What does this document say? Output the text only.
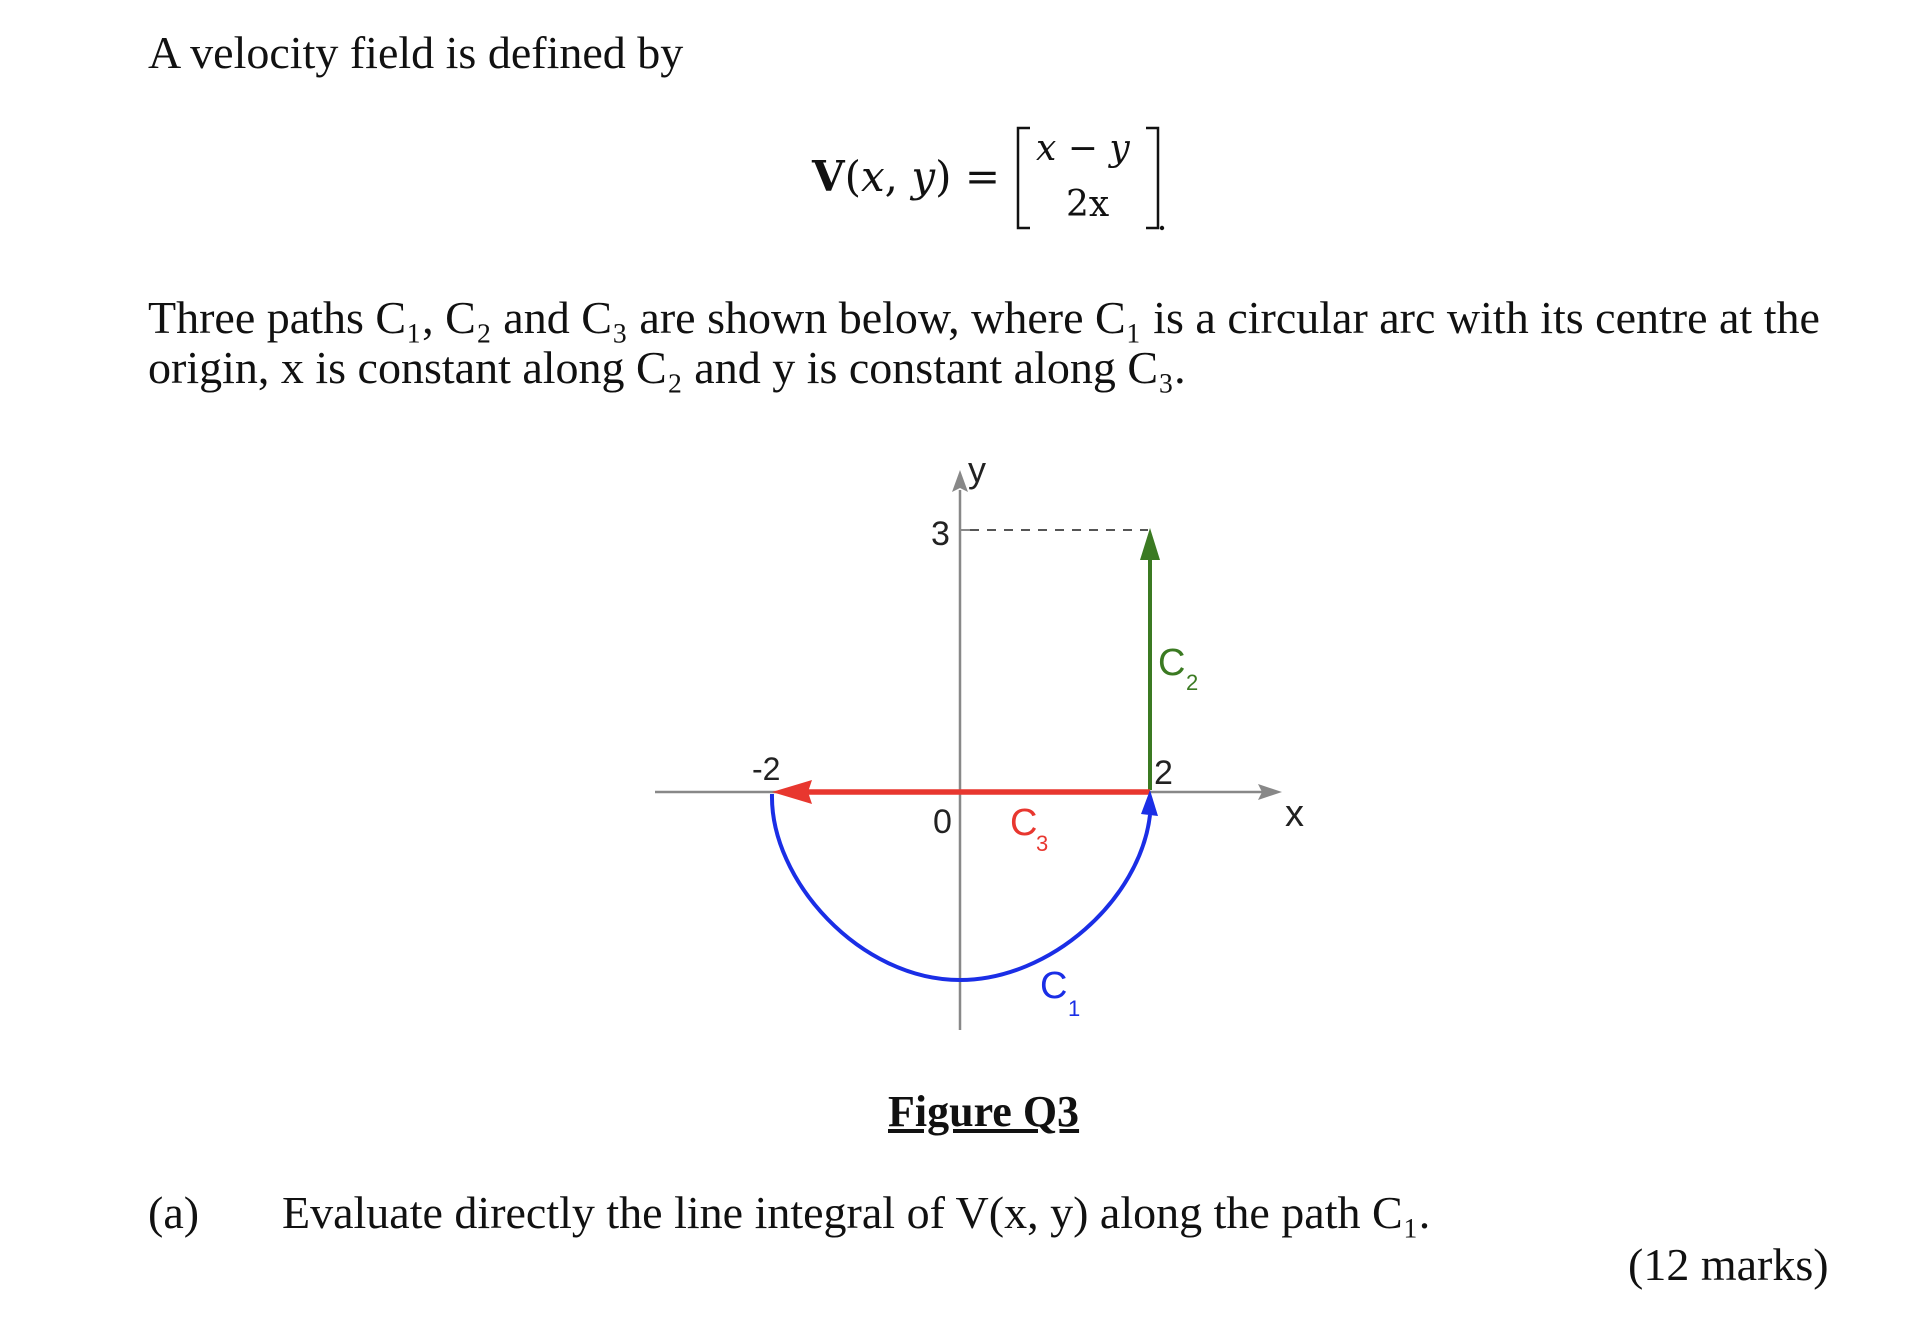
A velocity field is defined by
V(x, y) =
x − y
2x
Three paths C₁, C₂ and C₃ are shown below, where C₁ is a circular arc with its centre at the
origin, x is constant along C₂ and y is constant along C₃.
3
-2
0
2
y
x
C 2
C
3
C
1
Figure Q3
(a) Evaluate directly the line integral of V(x, y) along the path C₁.
(12 marks)
